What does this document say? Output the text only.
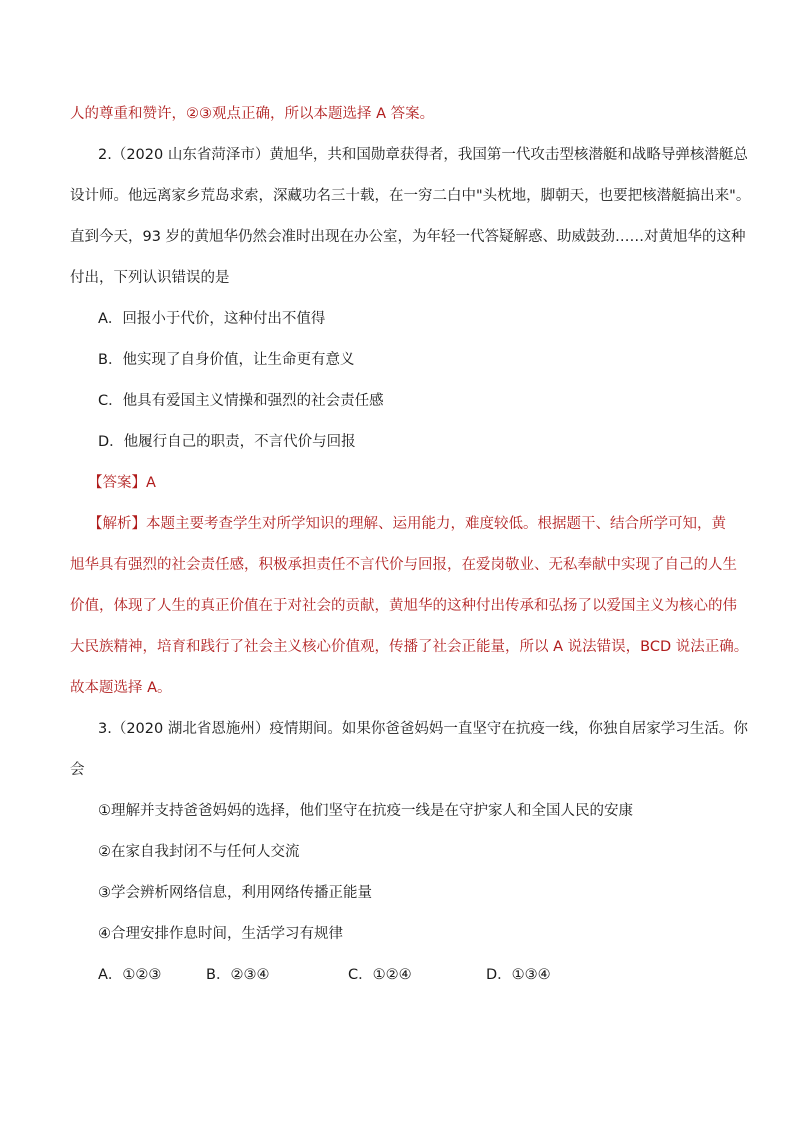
人的尊重和赞许，②③观点正确，所以本题选择 A 答案。
2.（2020 山东省菏泽市）黄旭华，共和国勋章获得者，我国第一代攻击型核潜艇和战略导弹核潜艇总
设计师。他远离家乡荒岛求索，深藏功名三十载，在一穷二白中"头枕地，脚朝天，也要把核潜艇搞出来"。
直到今天，93 岁的黄旭华仍然会准时出现在办公室，为年轻一代答疑解惑、助威鼓劲……对黄旭华的这种
付出，下列认识错误的是
A．回报小于代价，这种付出不值得
B．他实现了自身价值，让生命更有意义
C．他具有爱国主义情操和强烈的社会责任感
D．他履行自己的职责，不言代价与回报
【答案】A
【解析】本题主要考查学生对所学知识的理解、运用能力，难度较低。根据题干、结合所学可知，黄
旭华具有强烈的社会责任感，积极承担责任不言代价与回报，在爱岗敬业、无私奉献中实现了自己的人生
价值，体现了人生的真正价值在于对社会的贡献，黄旭华的这种付出传承和弘扬了以爱国主义为核心的伟
大民族精神，培育和践行了社会主义核心价值观，传播了社会正能量，所以 A 说法错误，BCD 说法正确。
故本题选择 A。
3.（2020 湖北省恩施州）疫情期间。如果你爸爸妈妈一直坚守在抗疫一线，你独自居家学习生活。你
会
①理解并支持爸爸妈妈的选择，他们坚守在抗疫一线是在守护家人和全国人民的安康
②在家自我封闭不与任何人交流
③学会辨析网络信息，利用网络传播正能量
④合理安排作息时间，生活学习有规律
A．①②③	B．②③④	C．①②④	D．①③④
